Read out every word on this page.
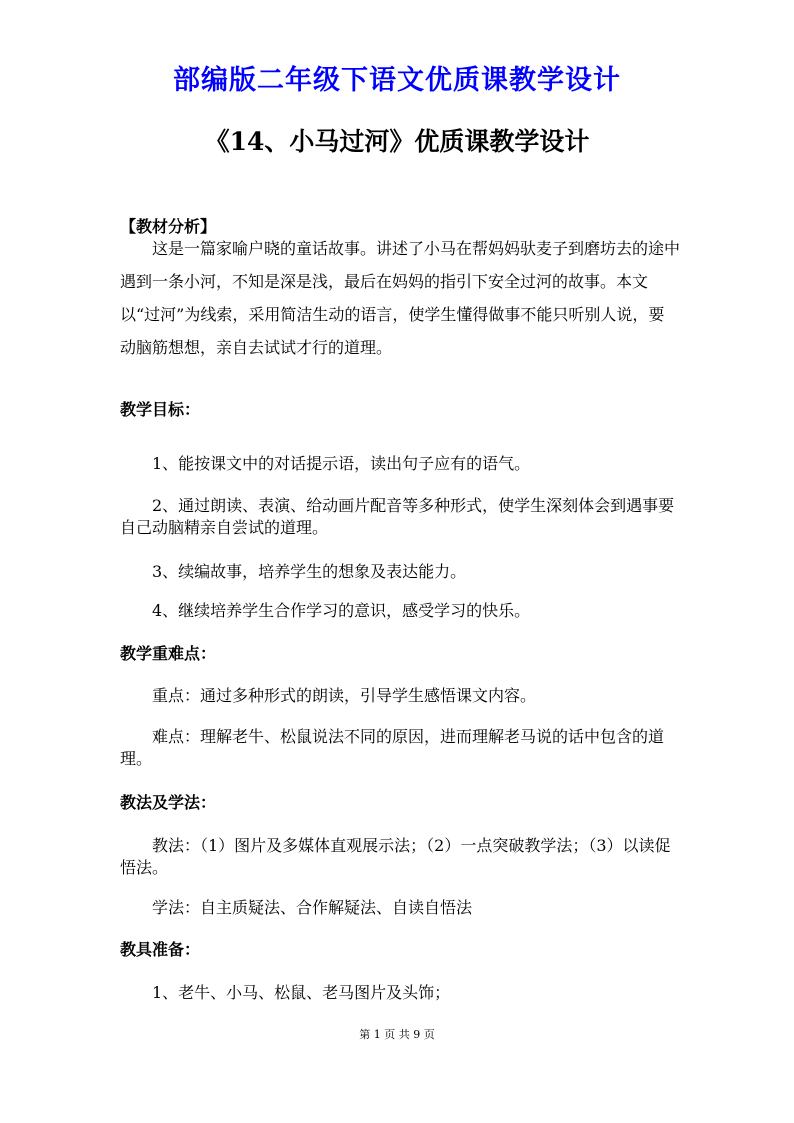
部编版二年级下语文优质课教学设计
《14、小马过河》优质课教学设计
【教材分析】
这是一篇家喻户晓的童话故事。讲述了小马在帮妈妈驮麦子到磨坊去的途中遇到一条小河，不知是深是浅，最后在妈妈的指引下安全过河的故事。本文以“过河”为线索，采用简洁生动的语言，使学生懂得做事不能只听别人说，要动脑筋想想，亲自去试试才行的道理。
教学目标：
1、能按课文中的对话提示语，读出句子应有的语气。
2、通过朗读、表演、给动画片配音等多种形式，使学生深刻体会到遇事要自己动脑精亲自尝试的道理。
3、续编故事，培养学生的想象及表达能力。
4、继续培养学生合作学习的意识，感受学习的快乐。
教学重难点：
重点：通过多种形式的朗读，引导学生感悟课文内容。
难点：理解老牛、松鼠说法不同的原因，进而理解老马说的话中包含的道理。
教法及学法：
教法：（1）图片及多媒体直观展示法；（2）一点突破教学法；（3）以读促悟法。
学法：自主质疑法、合作解疑法、自读自悟法
教具准备：
1、老牛、小马、松鼠、老马图片及头饰；
第 1 页 共 9 页
